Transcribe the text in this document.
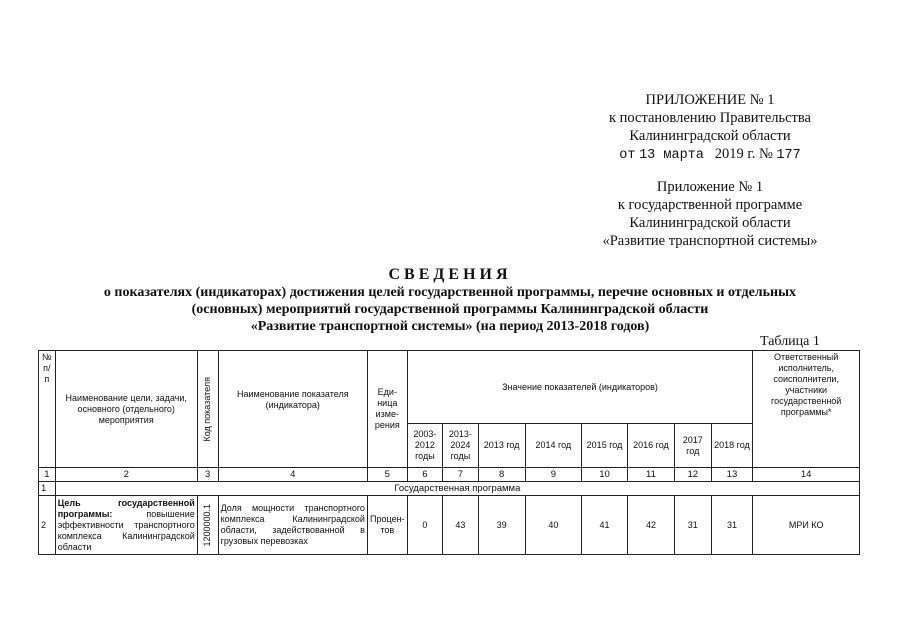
ПРИЛОЖЕНИЕ № 1
к постановлению Правительства
Калининградской области
от 13 марта 2019 г. № 177
Приложение № 1
к государственной программе
Калининградской области
«Развитие транспортной системы»
СВЕДЕНИЯ
о показателях (индикаторах) достижения целей государственной программы, перечне основных и отдельных
(основных) мероприятий государственной программы Калининградской области
«Развитие транспортной системы» (на период 2013-2018 годов)
Таблица 1
№ п/п	Наименование цели, задачи, основного (отдельного) мероприятия	Код показателя	Наименование показателя (индикатора)	Еди-ница изме-рения	Значение показателей (индикаторов)								Ответственный исполнитель, соисполнители, участники государственной программы*
					2003-2012 годы	2013-2024 годы	2013 год	2014 год	2015 год	2016 год	2017 год	2018 год	
1	2	3	4	5	6	7	8	9	10	11	12	13	14
1	Государственная программа												
2	Цель государственной программы: повышение эффективности транспортного комплекса Калининградской области	1200000.1	Доля мощности транспортного комплекса Калининградской области, задействованной в грузовых перевозках	Процен-тов	0	43	39	40	41	42	31	31	МРИ КО
